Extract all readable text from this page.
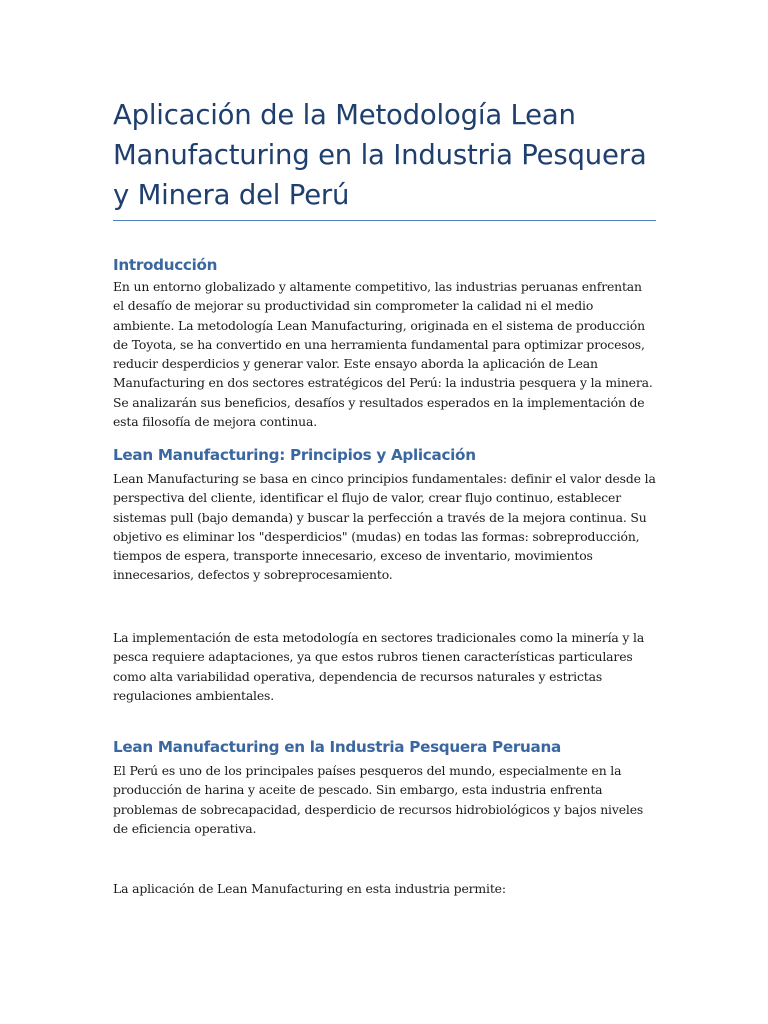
Aplicación de la Metodología Lean Manufacturing en la Industria Pesquera y Minera del Perú
Introducción

En un entorno globalizado y altamente competitivo, las industrias peruanas enfrentan el desafío de mejorar su productividad sin comprometer la calidad ni el medio ambiente. La metodología Lean Manufacturing, originada en el sistema de producción de Toyota, se ha convertido en una herramienta fundamental para optimizar procesos, reducir desperdicios y generar valor. Este ensayo aborda la aplicación de Lean Manufacturing en dos sectores estratégicos del Perú: la industria pesquera y la minera. Se analizarán sus beneficios, desafíos y resultados esperados en la implementación de esta filosofía de mejora continua.

Lean Manufacturing: Principios y Aplicación

Lean Manufacturing se basa en cinco principios fundamentales: definir el valor desde la perspectiva del cliente, identificar el flujo de valor, crear flujo continuo, establecer sistemas pull (bajo demanda) y buscar la perfección a través de la mejora continua. Su objetivo es eliminar los "desperdicios" (mudas) en todas las formas: sobreproducción, tiempos de espera, transporte innecesario, exceso de inventario, movimientos innecesarios, defectos y sobreprocesamiento.

La implementación de esta metodología en sectores tradicionales como la minería y la pesca requiere adaptaciones, ya que estos rubros tienen características particulares como alta variabilidad operativa, dependencia de recursos naturales y estrictas regulaciones ambientales.

Lean Manufacturing en la Industria Pesquera Peruana

El Perú es uno de los principales países pesqueros del mundo, especialmente en la producción de harina y aceite de pescado. Sin embargo, esta industria enfrenta problemas de sobrecapacidad, desperdicio de recursos hidrobiológicos y bajos niveles de eficiencia operativa.

La aplicación de Lean Manufacturing en esta industria permite:
